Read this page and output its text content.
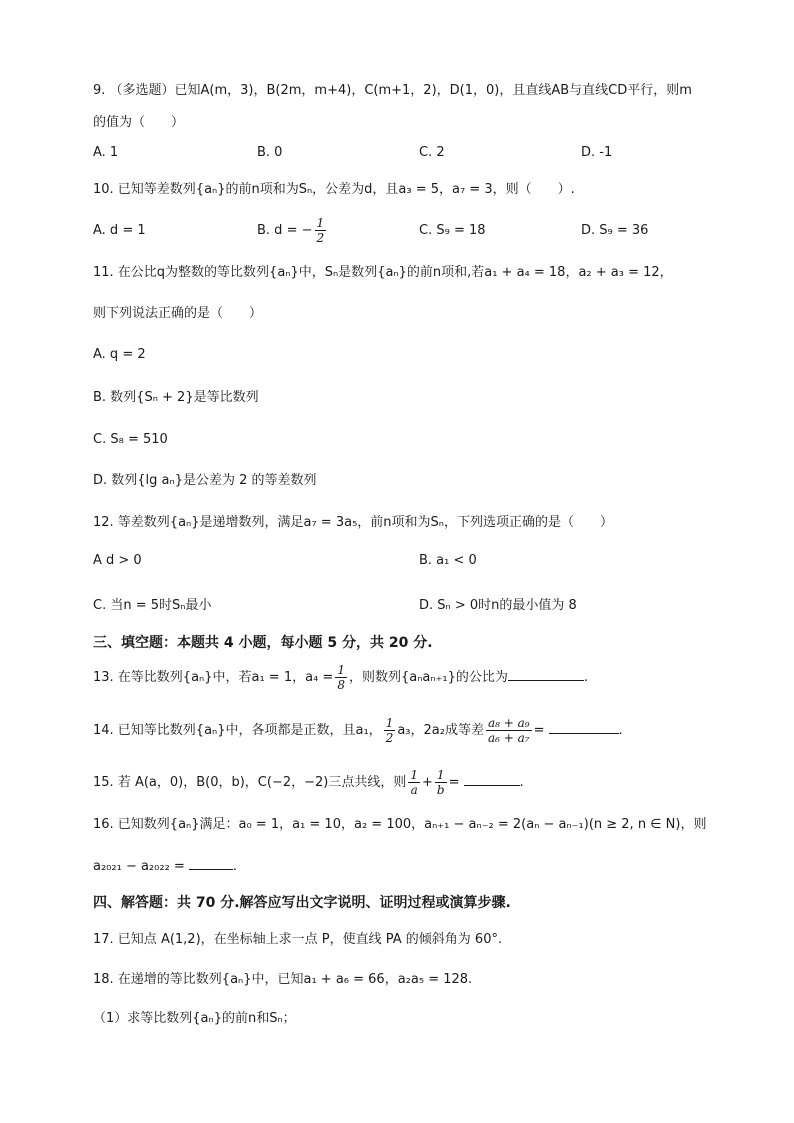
9. （多选题）已知A(m，3)，B(2m，m+4)，C(m+1，2)，D(1，0)，且直线AB与直线CD平行，则m
的值为（　　）
A. 1	B. 0	C. 2	D. -1
10. 已知等差数列{aₙ}的前n项和为Sₙ，公差为d，且a₃ = 5，a₇ = 3，则（　　）.
A. d = 1	B. d = − $\frac{1}{2}$	C. S₉ = 18	D. S₉ = 36
11. 在公比q为整数的等比数列{aₙ}中，Sₙ是数列{aₙ}的前n项和,若a₁ + a₄ = 18，a₂ + a₃ = 12，
则下列说法正确的是（　　）
A. q = 2
B. 数列{Sₙ + 2}是等比数列
C. S₈ = 510
D. 数列{lg aₙ}是公差为 2 的等差数列
12. 等差数列{aₙ}是递增数列，满足a₇ = 3a₅，前n项和为Sₙ，下列选项正确的是（　　）
A d > 0	B. a₁ < 0
C. 当n = 5时Sₙ最小	D. Sₙ > 0时n的最小值为 8
三、填空题：本题共 4 小题，每小题 5 分，共 20 分.
13. 在等比数列{aₙ}中，若a₁ = 1，$a_4 = \frac{1}{8}$ ，则数列{aₙaₙ₊₁}的公比为	.
14. 已知等比数列{aₙ}中，各项都是正数，且a₁， $\frac{1}{2} a_3$，2a₂成等差 $\frac{\text{a₈ + a₉}}{\text{a₆ + a₇}}$ =	.
15. 若 A(a，0)，B(0，b)，C(−2，−2)三点共线，则 $\frac{1}{a} + \frac{1}{b}$ =	.
16. 已知数列{aₙ}满足：a₀ = 1，a₁ = 10，a₂ = 100，aₙ₊₁ − aₙ₋₂ = 2(aₙ − aₙ₋₁)(n ≥ 2, n ∈ N)，则
a₂₀₂₁ − a₂₀₂₂ =	.
四、解答题：共 70 分.解答应写出文字说明、证明过程或演算步骤.
17. 已知点 A(1,2)，在坐标轴上求一点 P，使直线 PA 的倾斜角为 60°.
18. 在递增的等比数列{aₙ}中，已知a₁ + a₆ = 66，a₂a₅ = 128.
（1）求等比数列{aₙ}的前n和Sₙ；
